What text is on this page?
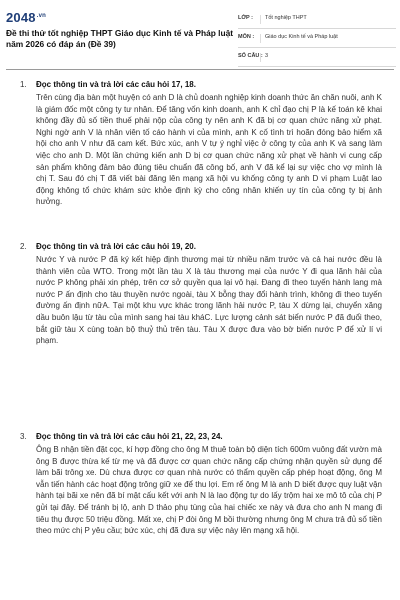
$2048^{.vn}$
Đề thi thử tốt nghiệp THPT Giáo dục Kinh tế và Pháp luật năm 2026 có đáp án (Đề 39)
LỚP :	Tốt nghiệp THPT
MÔN :	Giáo dục Kinh tế và Pháp luật
SỐ CÂU : 3
1. Đọc thông tin và trả lời các câu hỏi 17, 18.
Trên cùng địa bàn một huyện có anh D là chủ doanh nghiệp kinh doanh thức ăn chăn nuôi, anh K là giám đốc một công ty tư nhân. Để tăng vốn kinh doanh, anh K chỉ đạo chị P là kế toán kê khai không đầy đủ số tiền thuế phải nộp của công ty nên anh K đã bị cơ quan chức năng xử phạt. Nghi ngờ anh V là nhân viên tố cáo hành vi của mình, anh K cố tình trì hoãn đóng bảo hiểm xã hội cho anh V như đã cam kết. Bức xúc, anh V tự ý nghỉ việc ở công ty của anh K và sang làm việc cho anh D. Một lần chứng kiến anh D bị cơ quan chức năng xử phạt về hành vi cung cấp sản phẩm không đảm bảo đúng tiêu chuẩn đã công bố, anh V đã kể lại sự việc cho vợ mình là chị T. Sau đó chị T đã viết bài đăng lên mạng xã hội vu khống công ty anh D vi phạm Luật lao động không tổ chức khám sức khỏe định kỳ cho công nhân khiến uy tín của công ty bị ảnh hưởng.
2. Đọc thông tin và trả lời các câu hỏi 19, 20.
Nước Y và nước P đã ký kết hiệp định thương mại từ nhiều năm trước và cả hai nước đều là thành viên của WTO. Trong một lần tàu X là tàu thương mại của nước Y đi qua lãnh hải của nước P không phải xin phép, trên cơ sở quyền qua lại vô hại. Đang đi theo tuyến hành lang mà nước P ấn định cho tàu thuyền nước ngoài, tàu X bỗng thay đổi hành trình, không đi theo tuyến đường ấn định nữA. Tại một khu vực khác trong lãnh hải nước P, tàu X dừng lại, chuyển xăng dầu buôn lậu từ tàu của mình sang hai tàu kháC. Lực lượng cảnh sát biển nước P đã đuổi theo, bắt giữ tàu X cùng toàn bộ thuỷ thủ trên tàu. Tàu X được đưa vào bờ biển nước P để xử lí vi phạm.
3. Đọc thông tin và trả lời các câu hỏi 21, 22, 23, 24.
Ông B nhận tiền đặt cọc, kí hợp đồng cho ông M thuê toàn bộ diện tích 600m vuông đất vườn mà ông B được thừa kế từ mẹ và đã được cơ quan chức năng cấp chứng nhận quyền sử dụng để làm bãi trông xe. Dù chưa được cơ quan nhà nước có thẩm quyền cấp phép hoạt động, ông M vẫn tiến hành các hoạt động trông giữ xe để thu lợi. Em rể ông M là anh D biết được quy luật vận hành tại bãi xe nên đã bí mật cấu kết với anh N là lao động tự do lấy trộm hai xe mô tô của chị P gửi tại đây. Để tránh bị lộ, anh D thảo phụ tùng của hai chiếc xe này và đưa cho anh N mang đi tiêu thụ được 50 triệu đồng. Mất xe, chị P đòi ông M bồi thường nhưng ông M chưa trả đủ số tiền theo mức chị P yêu cầu; bức xúc, chị đã đưa sự việc này lên mạng xã hội.
